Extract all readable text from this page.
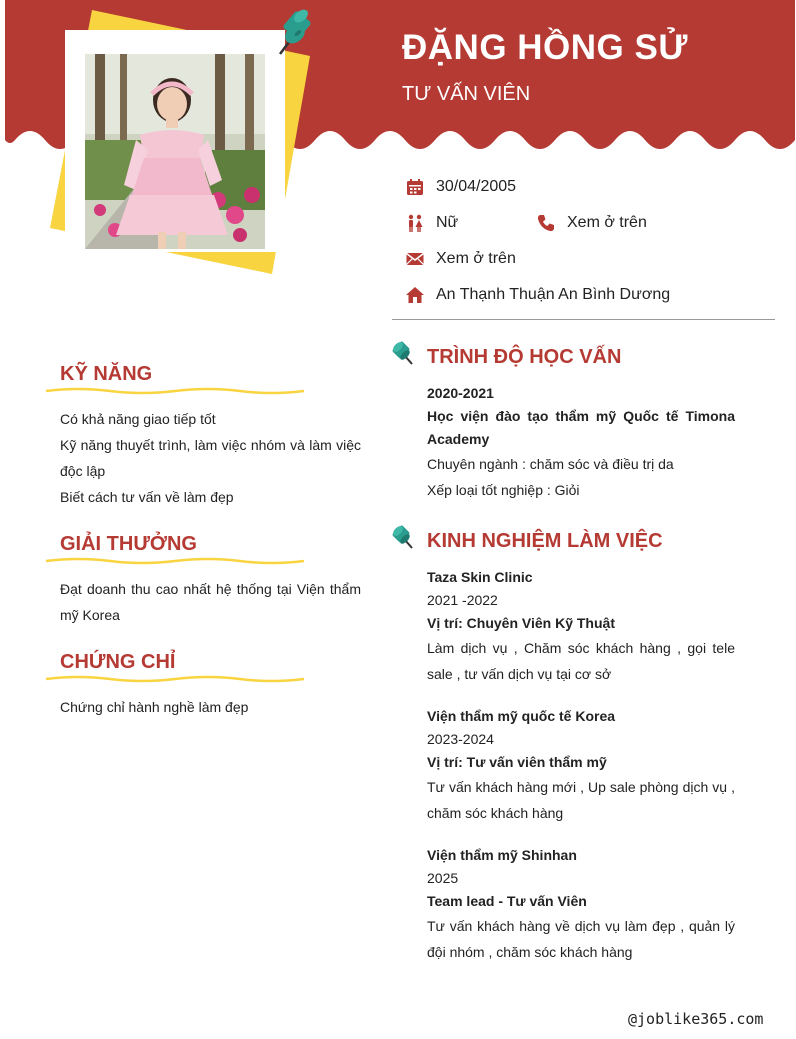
ĐẶNG HỒNG SỬ
TƯ VẤN VIÊN
30/04/2005
Nữ	Xem ở trên
Xem ở trên
An Thạnh Thuận An Bình Dương
KỸ NĂNG

Có khả năng giao tiếp tốt

Kỹ năng thuyết trình, làm việc nhóm và làm việc độc lập

Biết cách tư vấn về làm đẹp

GIẢI THƯỞNG

Đạt doanh thu cao nhất hệ thống tại Viện thẩm mỹ Korea

CHỨNG CHỈ

Chứng chỉ hành nghề làm đẹp

TRÌNH ĐỘ HỌC VẤN
2020-2021
Học viện đào tạo thẩm mỹ Quốc tế Timona Academy
Chuyên ngành : chăm sóc và điều trị da
Xếp loại tốt nghiệp : Giỏi
KINH NGHIỆM LÀM VIỆC
Taza Skin Clinic
2021 -2022
Vị trí: Chuyên Viên Kỹ Thuật
Làm dịch vụ , Chăm sóc khách hàng , gọi tele sale , tư vấn dịch vụ tại cơ sở
Viện thẩm mỹ quốc tế Korea
2023-2024
Vị trí: Tư vấn viên thẩm mỹ
Tư vấn khách hàng mới , Up sale phòng dịch vụ , chăm sóc khách hàng
Viện thẩm mỹ Shinhan
2025
Team lead - Tư vấn Viên
Tư vấn khách hàng về dịch vụ làm đẹp , quản lý đội nhóm , chăm sóc khách hàng
@joblike365.com
